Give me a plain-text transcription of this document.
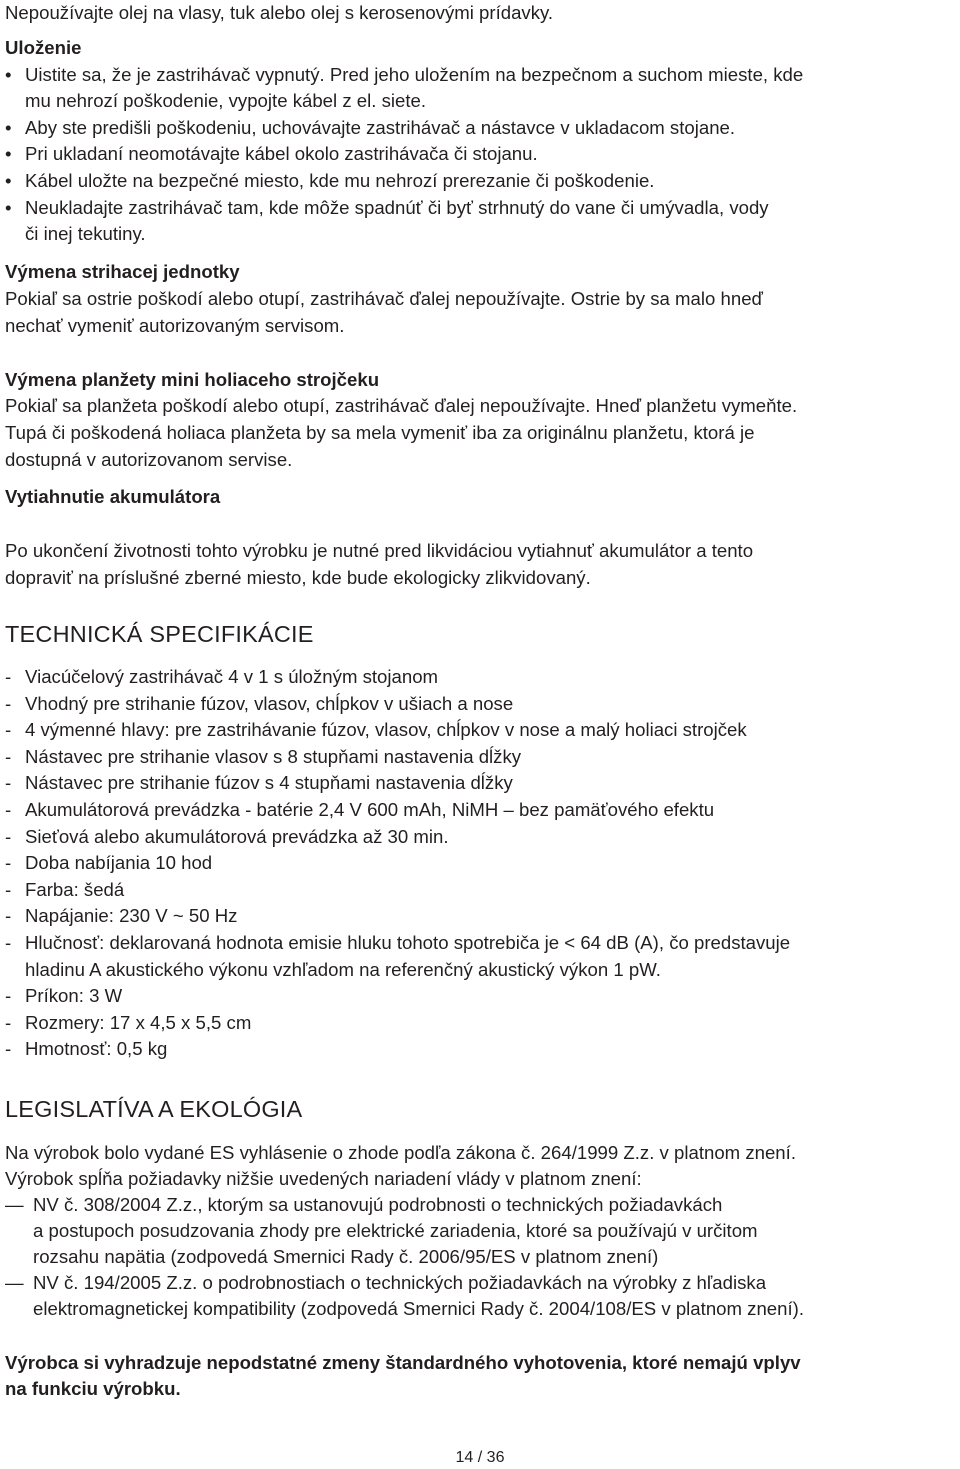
Nepoužívajte olej na vlasy, tuk alebo olej s kerosenovými prídavky.
Uloženie
• Uistite sa, že je zastrihávač vypnutý. Pred jeho uložením na bezpečnom a suchom mieste, kde
mu nehrozí poškodenie, vypojte kábel z el. siete.
• Aby ste predišli poškodeniu, uchovávajte zastrihávač a nástavce v ukladacom stojane.
• Pri ukladaní neomotávajte kábel okolo zastrihávača či stojanu.
• Kábel uložte na bezpečné miesto, kde mu nehrozí prerezanie či poškodenie.
• Neukladajte zastrihávač tam, kde môže spadnúť či byť strhnutý do vane či umývadla, vody
či inej tekutiny.
Výmena strihacej jednotky
Pokiaľ sa ostrie poškodí alebo otupí, zastrihávač ďalej nepoužívajte. Ostrie by sa malo hneď
nechať vymeniť autorizovaným servisom.
Výmena planžety mini holiaceho strojčeku
Pokiaľ sa planžeta poškodí alebo otupí, zastrihávač ďalej nepoužívajte. Hneď planžetu vymeňte.
Tupá či poškodená holiaca planžeta by sa mela vymeniť iba za originálnu planžetu, ktorá je
dostupná v autorizovanom servise.
Vytiahnutie akumulátora
Po ukončení životnosti tohto výrobku je nutné pred likvidáciou vytiahnuť akumulátor a tento
dopraviť na príslušné zberné miesto, kde bude ekologicky zlikvidovaný.
TECHNICKÁ SPECIFIKÁCIE
- Viacúčelový zastrihávač 4 v 1 s úložným stojanom
- Vhodný pre strihanie fúzov, vlasov, chĺpkov v ušiach a nose
- 4 výmenné hlavy: pre zastrihávanie fúzov, vlasov, chĺpkov v nose a malý holiaci strojček
- Nástavec pre strihanie vlasov s 8 stupňami nastavenia dĺžky
- Nástavec pre strihanie fúzov s 4 stupňami nastavenia dĺžky
- Akumulátorová prevádzka - batérie 2,4 V 600 mAh, NiMH – bez pamäťového efektu
- Sieťová alebo akumulátorová prevádzka až 30 min.
- Doba nabíjania 10 hod
- Farba: šedá
- Napájanie: 230 V ~ 50 Hz
- Hlučnosť: deklarovaná hodnota emisie hluku tohoto spotrebiča je < 64 dB (A), čo predstavuje
hladinu A akustického výkonu vzhľadom na referenčný akustický výkon 1 pW.
- Príkon: 3 W
- Rozmery: 17 x 4,5 x 5,5 cm
- Hmotnosť: 0,5 kg
LEGISLATÍVA A EKOLÓGIA
Na výrobok bolo vydané ES vyhlásenie o zhode podľa zákona č. 264/1999 Z.z. v platnom znení.
Výrobok spĺňa požiadavky nižšie uvedených nariadení vlády v platnom znení:
— NV č. 308/2004 Z.z., ktorým sa ustanovujú podrobnosti o technických požiadavkách
a postupoch posudzovania zhody pre elektrické zariadenia, ktoré sa používajú v určitom
rozsahu napätia (zodpovedá Smernici Rady č. 2006/95/ES v platnom znení)
— NV č. 194/2005 Z.z. o podrobnostiach o technických požiadavkách na výrobky z hľadiska
elektromagnetickej kompatibility (zodpovedá Smernici Rady č. 2004/108/ES v platnom znení).
Výrobca si vyhradzuje nepodstatné zmeny štandardného vyhotovenia, ktoré nemajú vplyv
na funkciu výrobku.
14 / 36
